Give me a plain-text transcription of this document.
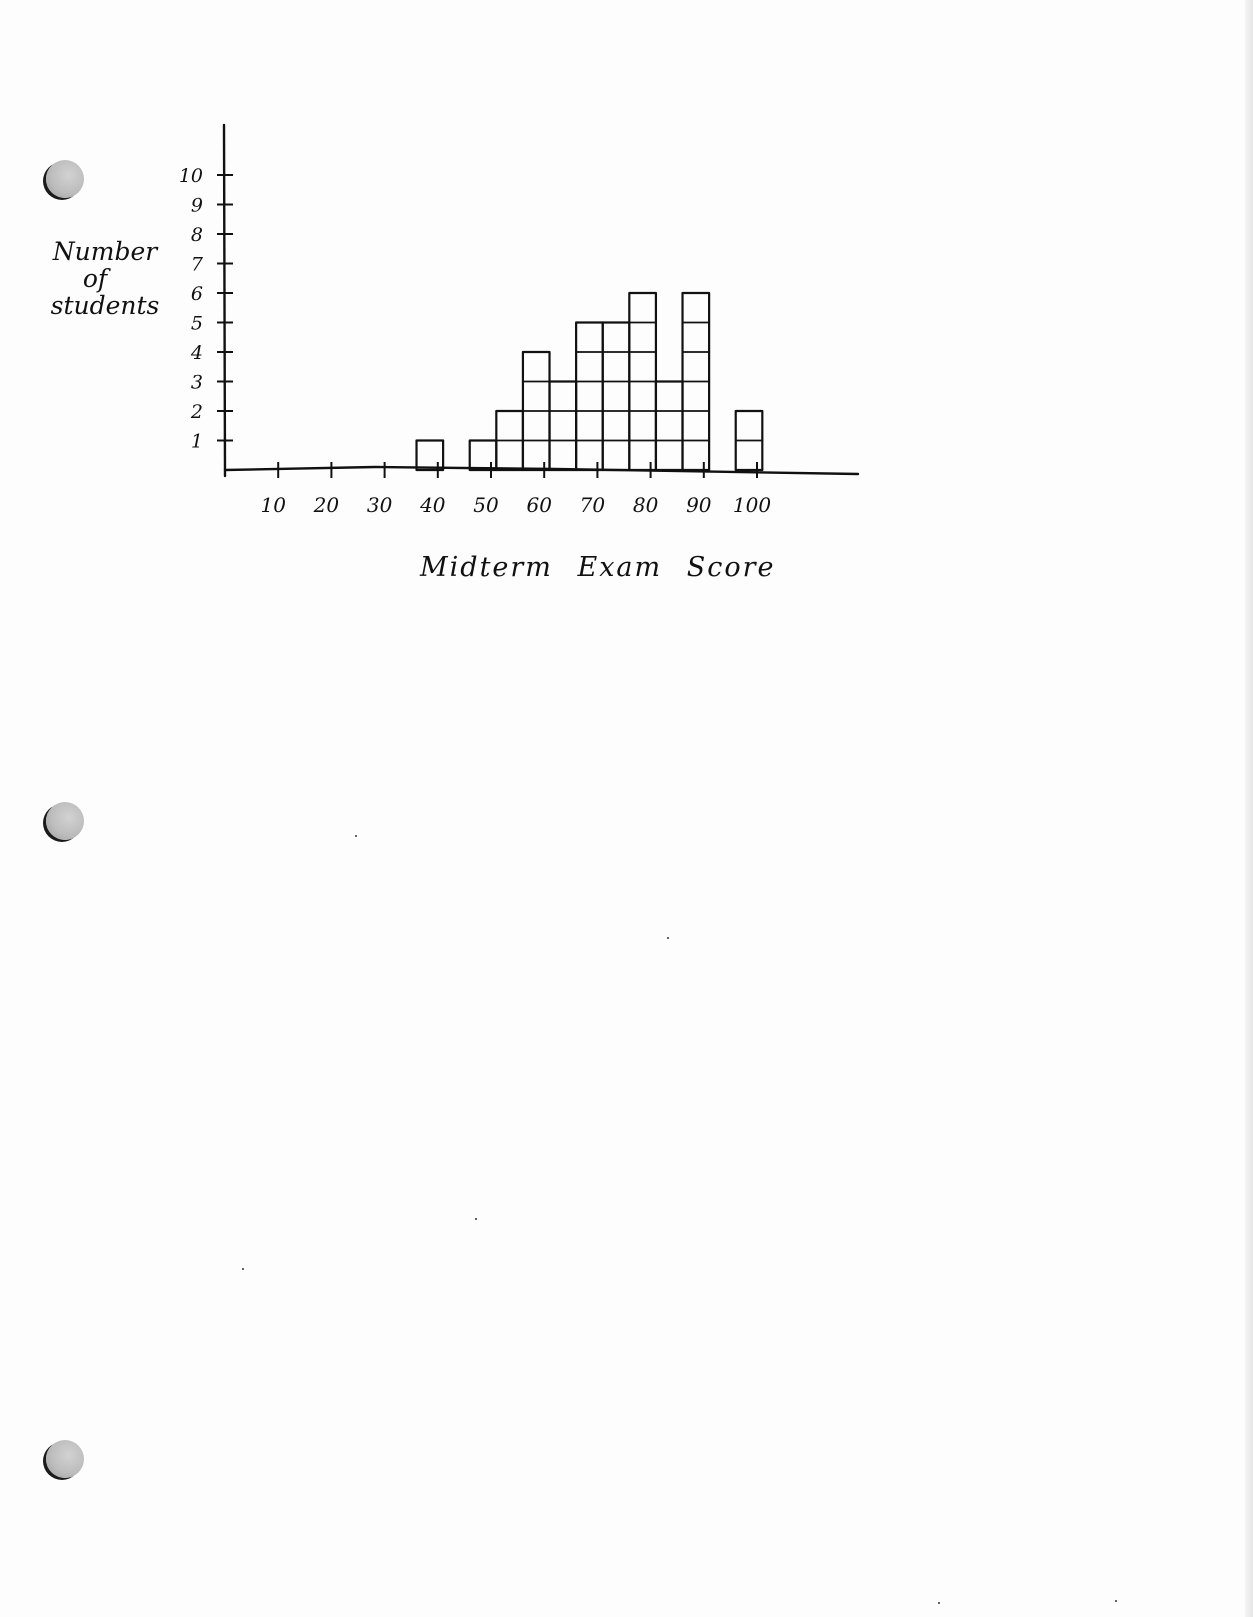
Number
of
students
1
2
3
4
5
6
7
8
9
10
10 20 30 40 50 60 70 80 90 100
Midterm Exam Score
